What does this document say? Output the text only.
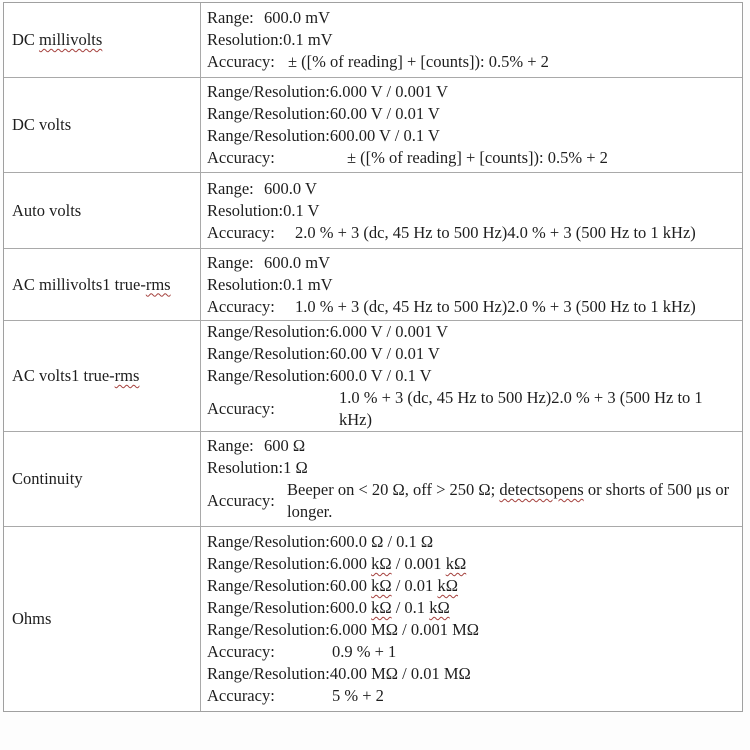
DC millivolts
Range: 600.0 mV
Resolution:0.1 mV
Accuracy: ± ([% of reading] + [counts]): 0.5% + 2
DC volts
Range/Resolution:6.000 V / 0.001 V
Range/Resolution:60.00 V / 0.01 V
Range/Resolution:600.00 V / 0.1 V
Accuracy:	± ([% of reading] + [counts]): 0.5% + 2
Auto volts
Range: 600.0 V
Resolution:0.1 V
Accuracy: 2.0 % + 3 (dc, 45 Hz to 500 Hz)4.0 % + 3 (500 Hz to 1 kHz)
AC millivolts1 true-rms
Range: 600.0 mV
Resolution:0.1 mV
Accuracy: 1.0 % + 3 (dc, 45 Hz to 500 Hz)2.0 % + 3 (500 Hz to 1 kHz)
AC volts1 true-rms
Range/Resolution:6.000 V / 0.001 V
Range/Resolution:60.00 V / 0.01 V
Range/Resolution:600.0 V / 0.1 V
Accuracy:
1.0 % + 3 (dc, 45 Hz to 500 Hz)2.0 % + 3 (500 Hz to 1 kHz)
Continuity
Range: 600 Ω
Resolution:1 Ω
Accuracy:
Beeper on < 20 Ω, off > 250 Ω; detectsopens or shorts of 500 μs or longer.
Ohms
Range/Resolution:600.0 Ω / 0.1 Ω
Range/Resolution:6.000 kΩ / 0.001 kΩ
Range/Resolution:60.00 kΩ / 0.01 kΩ
Range/Resolution:600.0 kΩ / 0.1 kΩ
Range/Resolution:6.000 MΩ / 0.001 MΩ
Accuracy:	0.9 % + 1
Range/Resolution:40.00 MΩ / 0.01 MΩ
Accuracy:	5 % + 2
